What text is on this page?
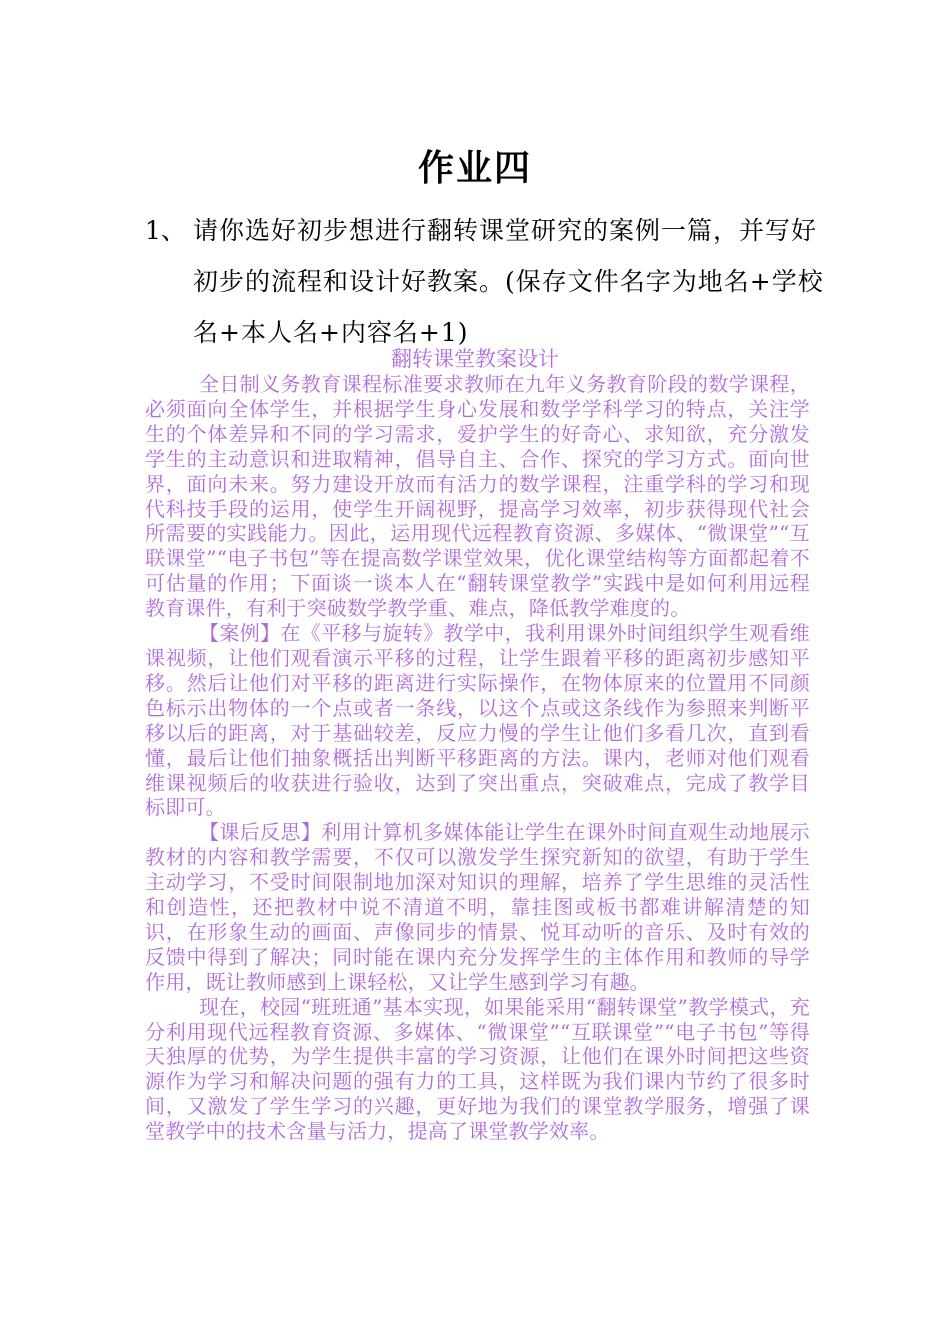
作业四
1、 请你选好初步想进行翻转课堂研究的案例一篇，并写好初步的流程和设计好教案。(保存文件名字为地名+学校名+本人名+内容名+1)
翻转课堂教案设计

全日制义务教育课程标准要求教师在九年义务教育阶段的数学课程，必须面向全体学生，并根据学生身心发展和数学学科学习的特点，关注学生的个体差异和不同的学习需求，爱护学生的好奇心、求知欲，充分激发学生的主动意识和进取精神，倡导自主、合作、探究的学习方式。面向世界，面向未来。努力建设开放而有活力的数学课程，注重学科的学习和现代科技手段的运用，使学生开阔视野，提高学习效率，初步获得现代社会所需要的实践能力。因此，运用现代远程教育资源、多媒体、“微课堂”“互联课堂”“电子书包”等在提高数学课堂效果，优化课堂结构等方面都起着不可估量的作用；下面谈一谈本人在“翻转课堂教学”实践中是如何利用远程教育课件，有利于突破数学教学重、难点，降低教学难度的。

【案例】在《平移与旋转》教学中，我利用课外时间组织学生观看维课视频，让他们观看演示平移的过程，让学生跟着平移的距离初步感知平移。然后让他们对平移的距离进行实际操作，在物体原来的位置用不同颜色标示出物体的一个点或者一条线，以这个点或这条线作为参照来判断平移以后的距离，对于基础较差，反应力慢的学生让他们多看几次，直到看懂，最后让他们抽象概括出判断平移距离的方法。课内，老师对他们观看维课视频后的收获进行验收，达到了突出重点，突破难点，完成了教学目标即可。

【课后反思】利用计算机多媒体能让学生在课外时间直观生动地展示教材的内容和教学需要，不仅可以激发学生探究新知的欲望，有助于学生主动学习，不受时间限制地加深对知识的理解，培养了学生思维的灵活性和创造性，还把教材中说不清道不明，靠挂图或板书都难讲解清楚的知识，在形象生动的画面、声像同步的情景、悦耳动听的音乐、及时有效的反馈中得到了解决；同时能在课内充分发挥学生的主体作用和教师的导学作用，既让教师感到上课轻松，又让学生感到学习有趣。

现在，校园“班班通”基本实现，如果能采用“翻转课堂”教学模式，充分利用现代远程教育资源、多媒体、“微课堂”“互联课堂”“电子书包”等得天独厚的优势，为学生提供丰富的学习资源，让他们在课外时间把这些资源作为学习和解决问题的强有力的工具，这样既为我们课内节约了很多时间，又激发了学生学习的兴趣，更好地为我们的课堂教学服务，增强了课堂教学中的技术含量与活力，提高了课堂教学效率。
